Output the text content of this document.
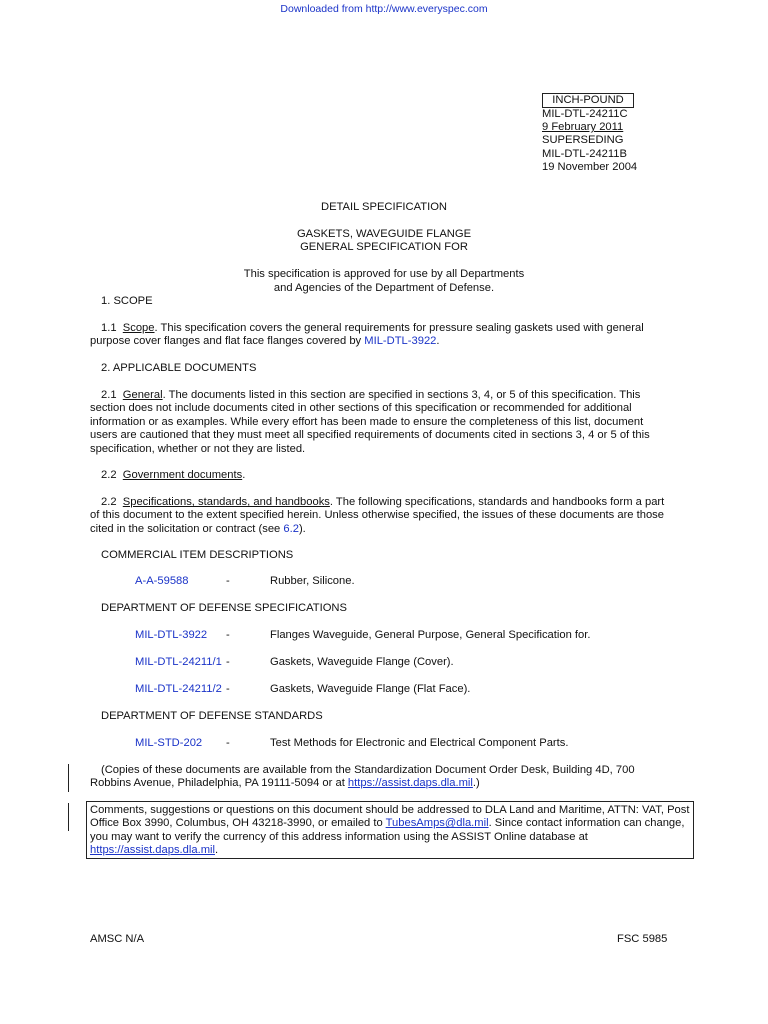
Downloaded from http://www.everyspec.com
INCH-POUND
MIL-DTL-24211C
9 February 2011
SUPERSEDING
MIL-DTL-24211B
19 November 2004
DETAIL SPECIFICATION
GASKETS, WAVEGUIDE FLANGE
GENERAL SPECIFICATION FOR
This specification is approved for use by all Departments
and Agencies of the Department of Defense.
1. SCOPE
1.1 Scope. This specification covers the general requirements for pressure sealing gaskets used with general purpose cover flanges and flat face flanges covered by MIL-DTL-3922.
2. APPLICABLE DOCUMENTS
2.1 General. The documents listed in this section are specified in sections 3, 4, or 5 of this specification. This section does not include documents cited in other sections of this specification or recommended for additional information or as examples. While every effort has been made to ensure the completeness of this list, document users are cautioned that they must meet all specified requirements of documents cited in sections 3, 4 or 5 of this specification, whether or not they are listed.
2.2 Government documents.
2.2 Specifications, standards, and handbooks. The following specifications, standards and handbooks form a part of this document to the extent specified herein. Unless otherwise specified, the issues of these documents are those cited in the solicitation or contract (see 6.2).
COMMERCIAL ITEM DESCRIPTIONS
A-A-59588	-	Rubber, Silicone.
DEPARTMENT OF DEFENSE SPECIFICATIONS
MIL-DTL-3922 -	Flanges Waveguide, General Purpose, General Specification for.
MIL-DTL-24211/1 -	Gaskets, Waveguide Flange (Cover).
MIL-DTL-24211/2 -	Gaskets, Waveguide Flange (Flat Face).
DEPARTMENT OF DEFENSE STANDARDS
MIL-STD-202 -	Test Methods for Electronic and Electrical Component Parts.
(Copies of these documents are available from the Standardization Document Order Desk, Building 4D, 700 Robbins Avenue, Philadelphia, PA 19111-5094 or at https://assist.daps.dla.mil.)
Comments, suggestions or questions on this document should be addressed to DLA Land and Maritime, ATTN: VAT, Post Office Box 3990, Columbus, OH 43218-3990, or emailed to TubesAmps@dla.mil. Since contact information can change, you may want to verify the currency of this address information using the ASSIST Online database at https://assist.daps.dla.mil.
AMSC N/A	FSC 5985
